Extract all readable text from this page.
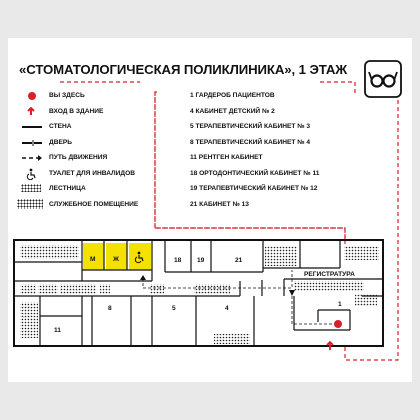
«СТОМАТОЛОГИЧЕСКАЯ ПОЛИКЛИНИКА», 1 ЭТАЖ
ВЫ ЗДЕСЬ
ВХОД В ЗДАНИЕ
СТЕНА
ДВЕРЬ
ПУТЬ ДВИЖЕНИЯ
ТУАЛЕТ ДЛЯ ИНВАЛИДОВ
ЛЕСТНИЦА
СЛУЖЕБНОЕ ПОМЕЩЕНИЕ
1 ГАРДЕРОБ ПАЦИЕНТОВ
4 КАБИНЕТ ДЕТСКИЙ № 2
5 ТЕРАПЕВТИЧЕСКИЙ КАБИНЕТ № 3
8 ТЕРАПЕВТИЧЕСКИЙ КАБИНЕТ № 4
11 РЕНТГЕН КАБИНЕТ
18 ОРТОДОНТИЧЕСКИЙ КАБИНЕТ № 11
19 ТЕРАПЕВТИЧЕСКИЙ КАБИНЕТ № 12
21 КАБИНЕТ № 13
М	Ж	18 19	21
РЕГИСТРАТУРА
8	5	4
11
1
